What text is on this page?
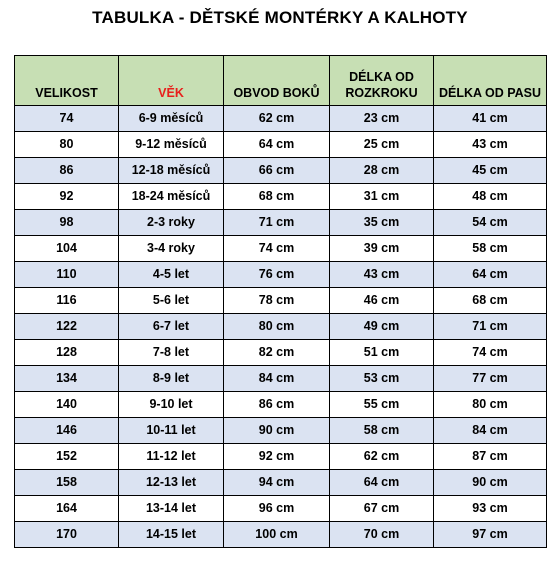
TABULKA - DĚTSKÉ MONTÉRKY A KALHOTY
VELIKOST	VĚK	OBVOD BOKŮ	DÉLKA OD ROZKROKU	DÉLKA OD PASU
74	6-9 měsíců	62 cm	23 cm	41 cm
80	9-12 měsíců	64 cm	25 cm	43 cm
86	12-18 měsíců	66 cm	28 cm	45 cm
92	18-24 měsíců	68 cm	31 cm	48 cm
98	2-3 roky	71 cm	35 cm	54 cm
104	3-4 roky	74 cm	39 cm	58 cm
110	4-5 let	76 cm	43 cm	64 cm
116	5-6 let	78 cm	46 cm	68 cm
122	6-7 let	80 cm	49 cm	71 cm
128	7-8 let	82 cm	51 cm	74 cm
134	8-9 let	84 cm	53 cm	77 cm
140	9-10 let	86 cm	55 cm	80 cm
146	10-11 let	90 cm	58 cm	84 cm
152	11-12 let	92 cm	62 cm	87 cm
158	12-13 let	94 cm	64 cm	90 cm
164	13-14 let	96 cm	67 cm	93 cm
170	14-15 let	100 cm	70 cm	97 cm
